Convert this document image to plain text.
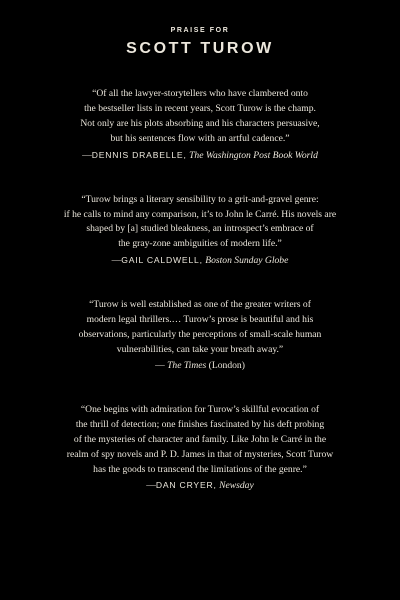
PRAISE FOR
SCOTT TUROW
“Of all the lawyer-storytellers who have clambered onto
the bestseller lists in recent years, Scott Turow is the champ.
Not only are his plots absorbing and his characters persuasive,
but his sentences flow with an artful cadence.”
—DENNIS DRABELLE, The Washington Post Book World
“Turow brings a literary sensibility to a grit-and-gravel genre:
if he calls to mind any comparison, it’s to John le Carré. His novels are
shaped by [a] studied bleakness, an introspect’s embrace of
the gray-zone ambiguities of modern life.”
—GAIL CALDWELL, Boston Sunday Globe
“Turow is well established as one of the greater writers of
modern legal thrillers.… Turow’s prose is beautiful and his
observations, particularly the perceptions of small-scale human
vulnerabilities, can take your breath away.”
— The Times (London)
“One begins with admiration for Turow’s skillful evocation of
the thrill of detection; one finishes fascinated by his deft probing
of the mysteries of character and family. Like John le Carré in the
realm of spy novels and P. D. James in that of mysteries, Scott Turow
has the goods to transcend the limitations of the genre.”
—DAN CRYER, Newsday
